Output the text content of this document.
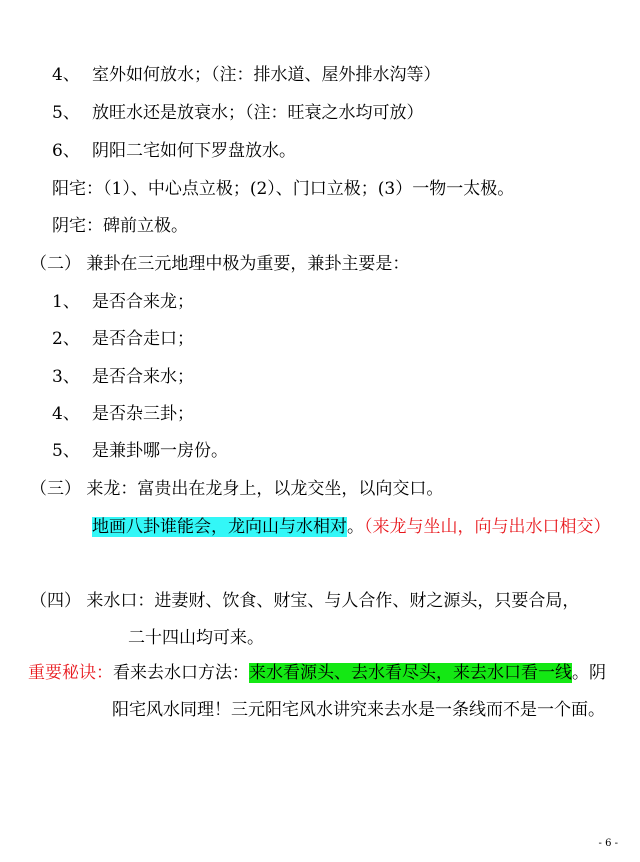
4、 室外如何放水；（注：排水道、屋外排水沟等）
5、 放旺水还是放衰水；（注：旺衰之水均可放）
6、 阴阳二宅如何下罗盘放水。
阳宅：（1）、中心点立极；(2）、门口立极；(3）一物一太极。
阴宅：碑前立极。
（二） 兼卦在三元地理中极为重要，兼卦主要是：
1、 是否合来龙；
2、 是否合走口；
3、 是否合来水；
4、 是否杂三卦；
5、 是兼卦哪一房份。
（三） 来龙：富贵出在龙身上，以龙交坐，以向交口。
地画八卦谁能会，龙向山与水相对。（来龙与坐山，向与出水口相交）
（四） 来水口：进妻财、饮食、财宝、与人合作、财之源头，只要合局，
二十四山均可来。
重要秘诀：看来去水口方法：来水看源头、去水看尽头，来去水口看一线。阴
阳宅风水同理！三元阳宅风水讲究来去水是一条线而不是一个面。
- 6 -
